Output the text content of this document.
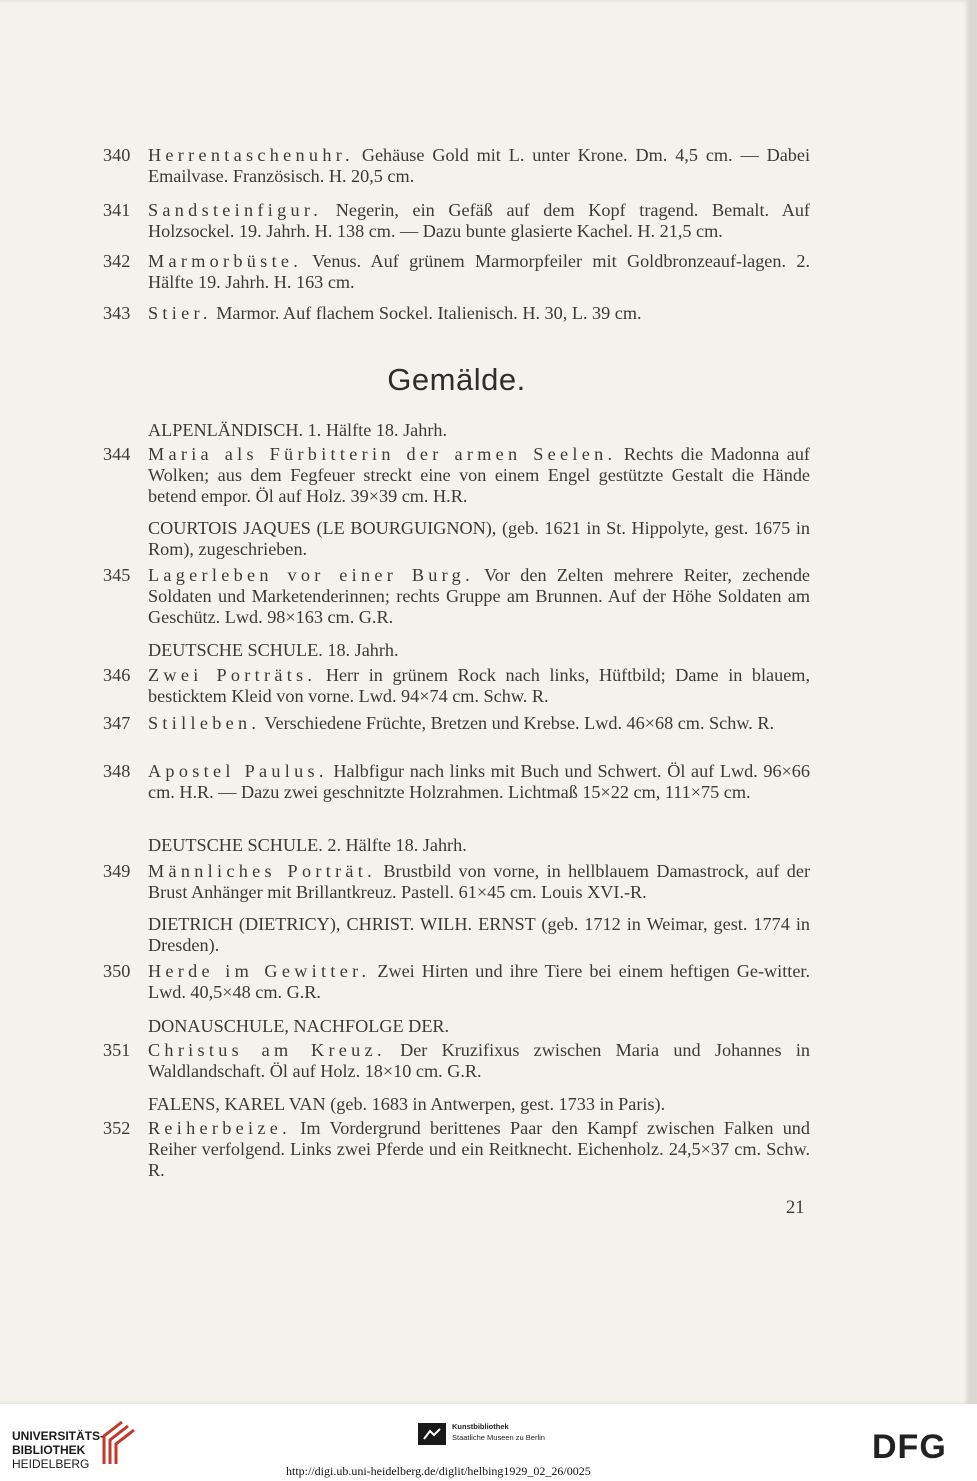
340 Herrentaschenuhr. Gehäuse Gold mit L. unter Krone. Dm. 4,5 cm. — Dabei Emailvase. Französisch. H. 20,5 cm.
341 Sandsteinfigur. Negerin, ein Gefäß auf dem Kopf tragend. Bemalt. Auf Holzsockel. 19. Jahrh. H. 138 cm. — Dazu bunte glasierte Kachel. H. 21,5 cm.
342 Marmorbüste. Venus. Auf grünem Marmorpfeiler mit Goldbronzeauf-lagen. 2. Hälfte 19. Jahrh. H. 163 cm.
343 Stier. Marmor. Auf flachem Sockel. Italienisch. H. 30, L. 39 cm.
Gemälde.
ALPENLÄNDISCH. 1. Hälfte 18. Jahrh.
344 Maria als Fürbitterin der armen Seelen. Rechts die Madonna auf Wolken; aus dem Fegfeuer streckt eine von einem Engel gestützte Gestalt die Hände betend empor. Öl auf Holz. 39×39 cm. H.R.
COURTOIS JAQUES (LE BOURGUIGNON), (geb. 1621 in St. Hippolyte, gest. 1675 in Rom), zugeschrieben.
345 Lagerleben vor einer Burg. Vor den Zelten mehrere Reiter, zechende Soldaten und Marketenderinnen; rechts Gruppe am Brunnen. Auf der Höhe Soldaten am Geschütz. Lwd. 98×163 cm. G.R.
DEUTSCHE SCHULE. 18. Jahrh.
346 Zwei Porträts. Herr in grünem Rock nach links, Hüftbild; Dame in blauem, besticktem Kleid von vorne. Lwd. 94×74 cm. Schw. R.
347 Stilleben. Verschiedene Früchte, Bretzen und Krebse. Lwd. 46×68 cm. Schw. R.
348 Apostel Paulus. Halbfigur nach links mit Buch und Schwert. Öl auf Lwd. 96×66 cm. H.R. — Dazu zwei geschnitzte Holzrahmen. Lichtmaß 15×22 cm, 111×75 cm.
DEUTSCHE SCHULE. 2. Hälfte 18. Jahrh.
349 Männliches Porträt. Brustbild von vorne, in hellblauem Damastrock, auf der Brust Anhänger mit Brillantkreuz. Pastell. 61×45 cm. Louis XVI.-R.
DIETRICH (DIETRICY), CHRIST. WILH. ERNST (geb. 1712 in Weimar, gest. 1774 in Dresden).
350 Herde im Gewitter. Zwei Hirten und ihre Tiere bei einem heftigen Ge-witter. Lwd. 40,5×48 cm. G.R.
DONAUSCHULE, NACHFOLGE DER.
351 Christus am Kreuz. Der Kruzifixus zwischen Maria und Johannes in Waldlandschaft. Öl auf Holz. 18×10 cm. G.R.
FALENS, KAREL VAN (geb. 1683 in Antwerpen, gest. 1733 in Paris).
352 Reiherbeize. Im Vordergrund berittenes Paar den Kampf zwischen Falken und Reiher verfolgend. Links zwei Pferde und ein Reitknecht. Eichenholz. 24,5×37 cm. Schw. R.
21
UNIVERSITÄTS-
BIBLIOTHEK
HEIDELBERG
Kunstbibliothek
Staatliche Museen zu Berlin	DFG
http://digi.ub.uni-heidelberg.de/diglit/helbing1929_02_26/0025
